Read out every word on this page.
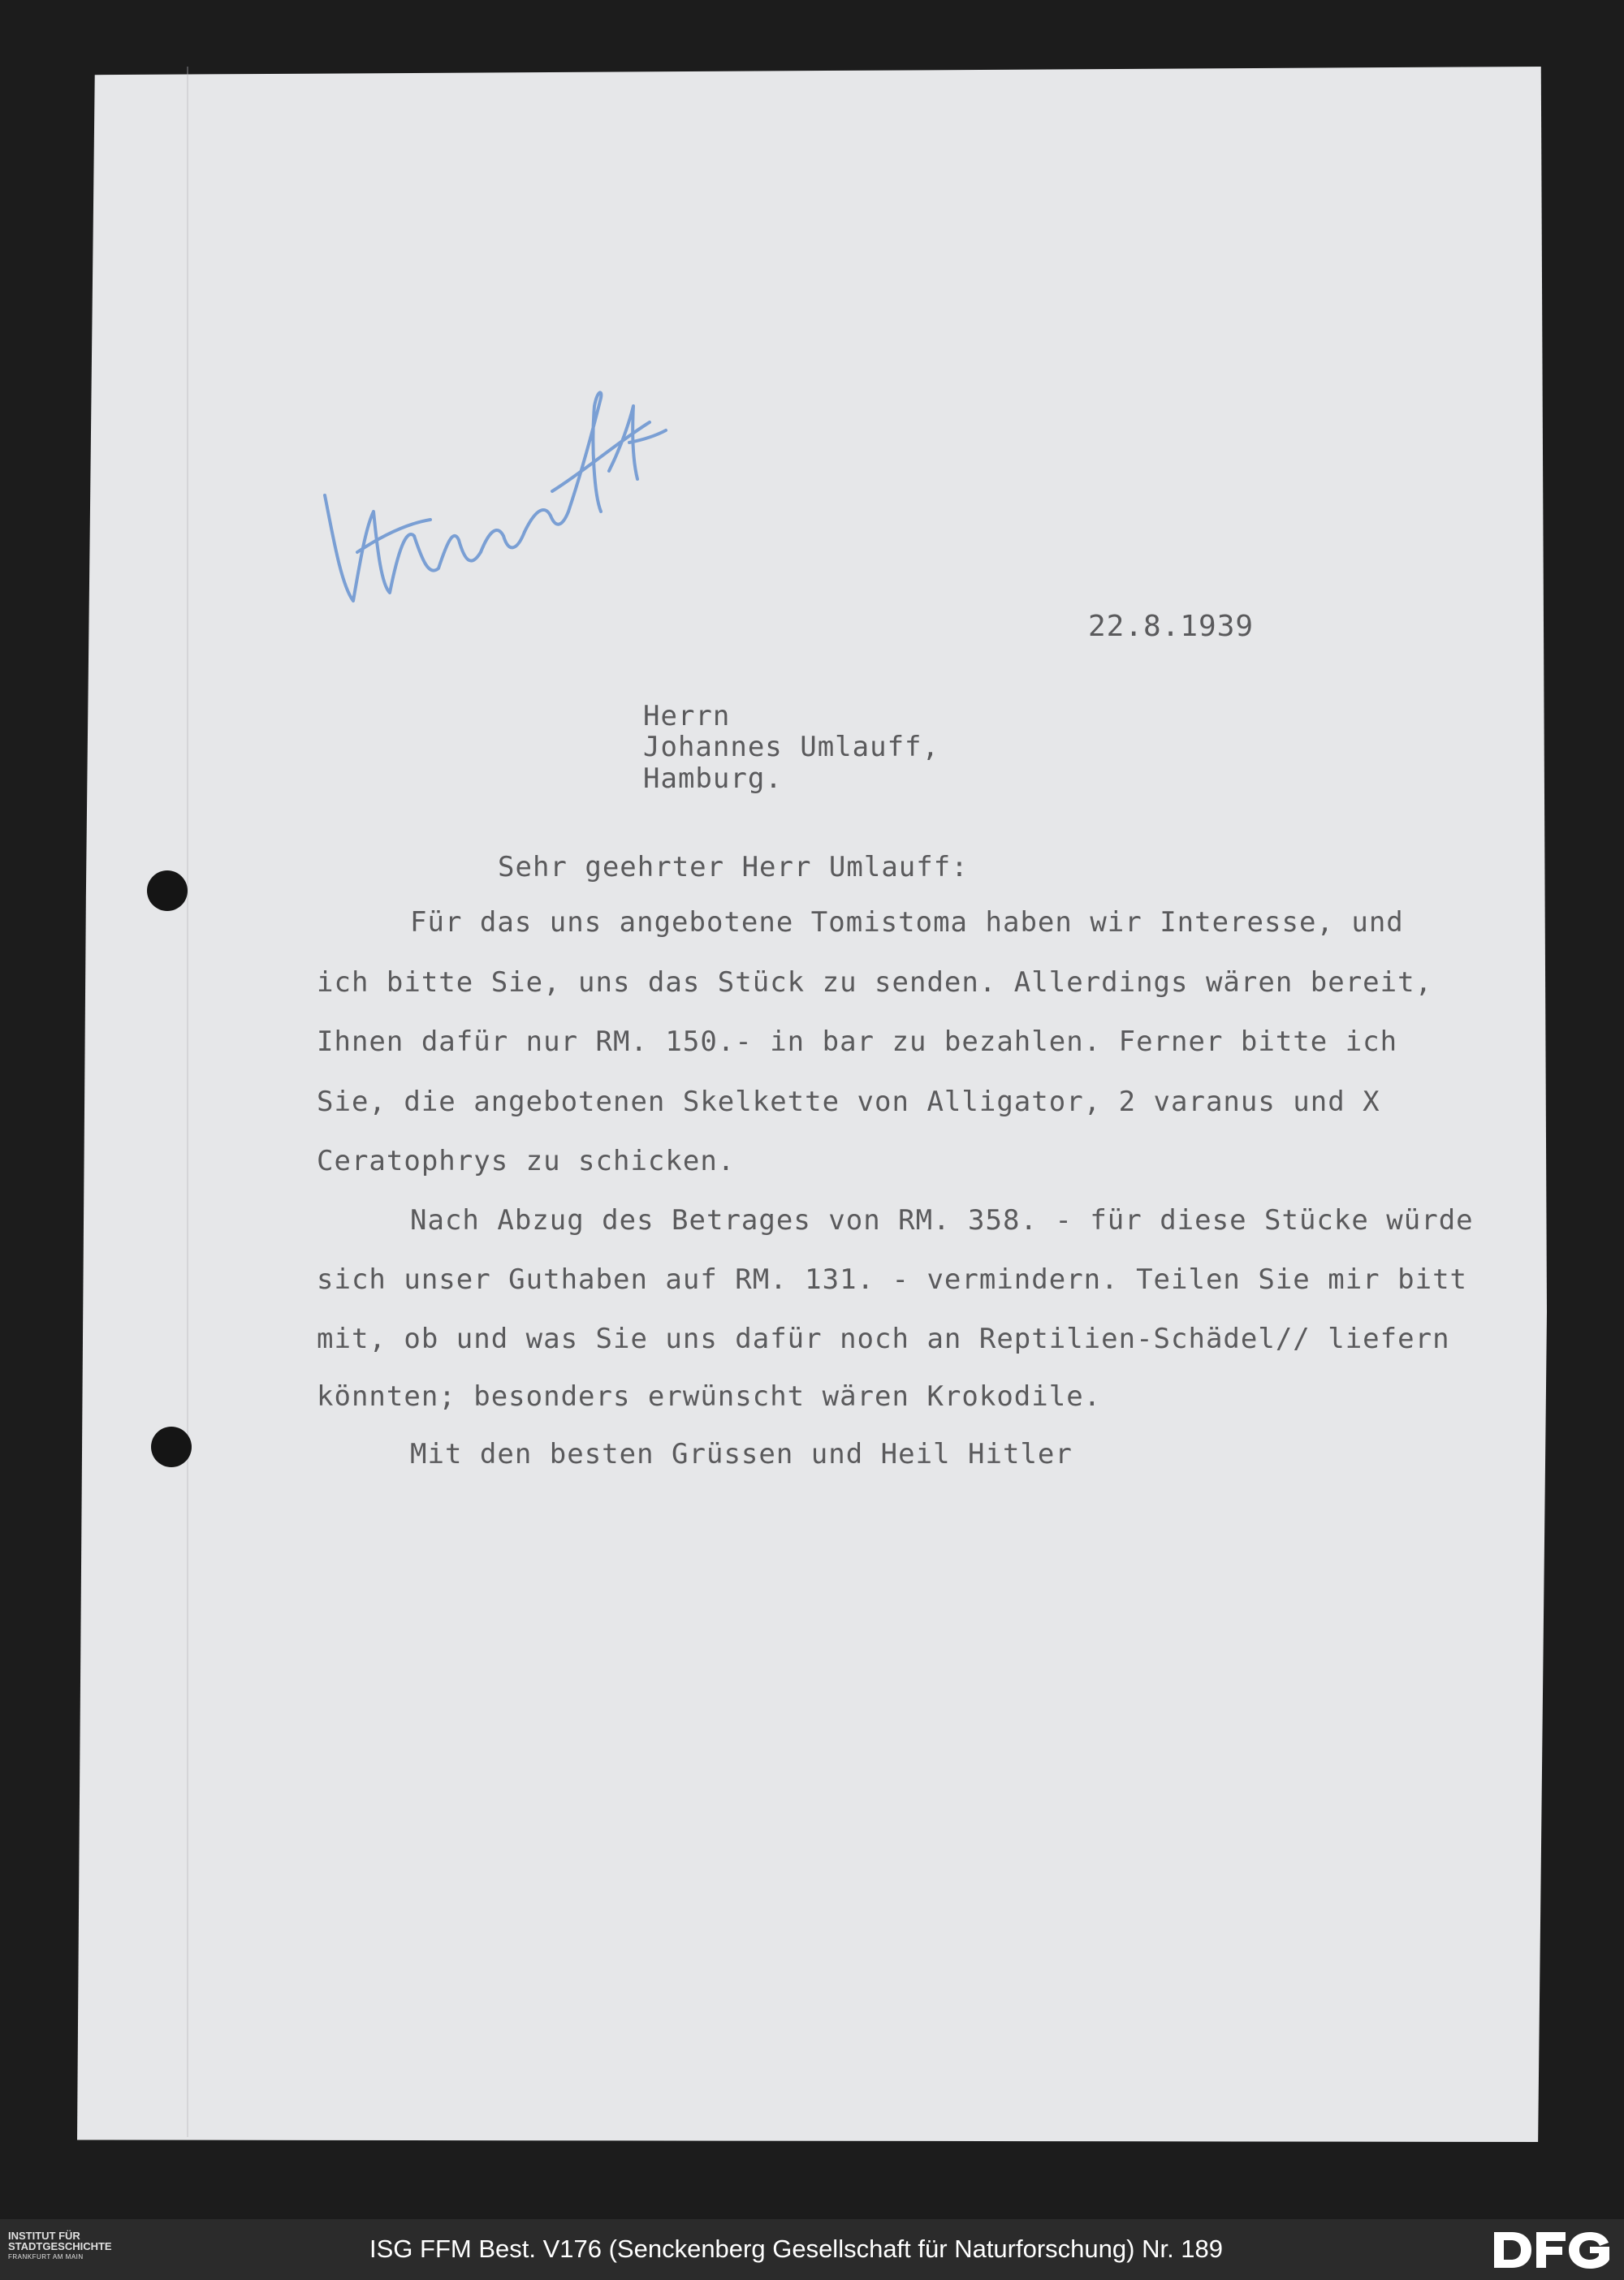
22.8.1939
Herrn
Johannes Umlauff,
Hamburg.
Sehr geehrter Herr Umlauff:
Für das uns angebotene Tomistoma haben wir Interesse, und
ich bitte Sie, uns das Stück zu senden. Allerdings wären bereit,
Ihnen dafür nur RM. 150.- in bar zu bezahlen. Ferner bitte ich
Sie, die angebotenen Skelkette von Alligator, 2 varanus und X
Ceratophrys zu schicken.
Nach Abzug des Betrages von RM. 358. - für diese Stücke würde
sich unser Guthaben auf RM. 131. - vermindern. Teilen Sie mir bitt
mit, ob und was Sie uns dafür noch an Reptilien-Schädel// liefern
könnten; besonders erwünscht wären Krokodile.
Mit den besten Grüssen und Heil Hitler
INSTITUT FÜR
STADTGESCHICHTE
FRANKFURT AM MAIN	ISG FFM Best. V176 (Senckenberg Gesellschaft für Naturforschung) Nr. 189
